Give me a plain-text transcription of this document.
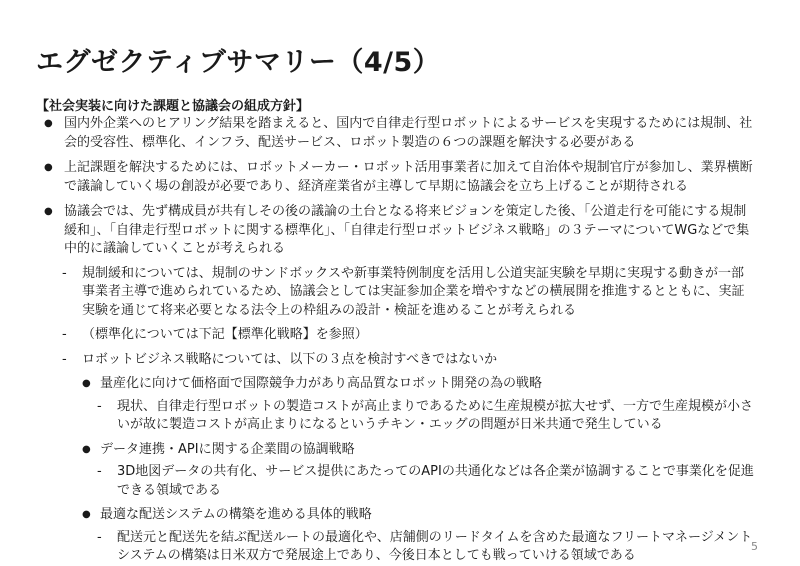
エグゼクティブサマリー（4/5）
【社会実装に向けた課題と協議会の組成方針】
● 国内外企業へのヒアリング結果を踏まえると、国内で自律走行型ロボットによるサービスを実現するためには規制、社会的受容性、標準化、インフラ、配送サービス、ロボット製造の６つの課題を解決する必要がある
● 上記課題を解決するためには、ロボットメーカー・ロボット活用事業者に加えて自治体や規制官庁が参加し、業界横断で議論していく場の創設が必要であり、経済産業省が主導して早期に協議会を立ち上げることが期待される
● 協議会では、先ず構成員が共有しその後の議論の土台となる将来ビジョンを策定した後、「公道走行を可能にする規制緩和」、「自律走行型ロボットに関する標準化」、「自律走行型ロボットビジネス戦略」の３テーマについてWGなどで集中的に議論していくことが考えられる
- 規制緩和については、規制のサンドボックスや新事業特例制度を活用し公道実証実験を早期に実現する動きが一部事業者主導で進められているため、協議会としては実証参加企業を増やすなどの横展開を推進するとともに、実証実験を通じて将来必要となる法令上の枠組みの設計・検証を進めることが考えられる
- （標準化については下記【標準化戦略】を参照）
- ロボットビジネス戦略については、以下の３点を検討すべきではないか
● 量産化に向けて価格面で国際競争力があり高品質なロボット開発の為の戦略
- 現状、自律走行型ロボットの製造コストが高止まりであるために生産規模が拡大せず、一方で生産規模が小さいが故に製造コストが高止まりになるというチキン・エッグの問題が日米共通で発生している
● データ連携・APIに関する企業間の協調戦略
- 3D地図データの共有化、サービス提供にあたってのAPIの共通化などは各企業が協調することで事業化を促進できる領域である
● 最適な配送システムの構築を進める具体的戦略
- 配送元と配送先を結ぶ配送ルートの最適化や、店舗側のリードタイムを含めた最適なフリートマネージメントシステムの構築は日米双方で発展途上であり、今後日本としても戦っていける領域である
5
